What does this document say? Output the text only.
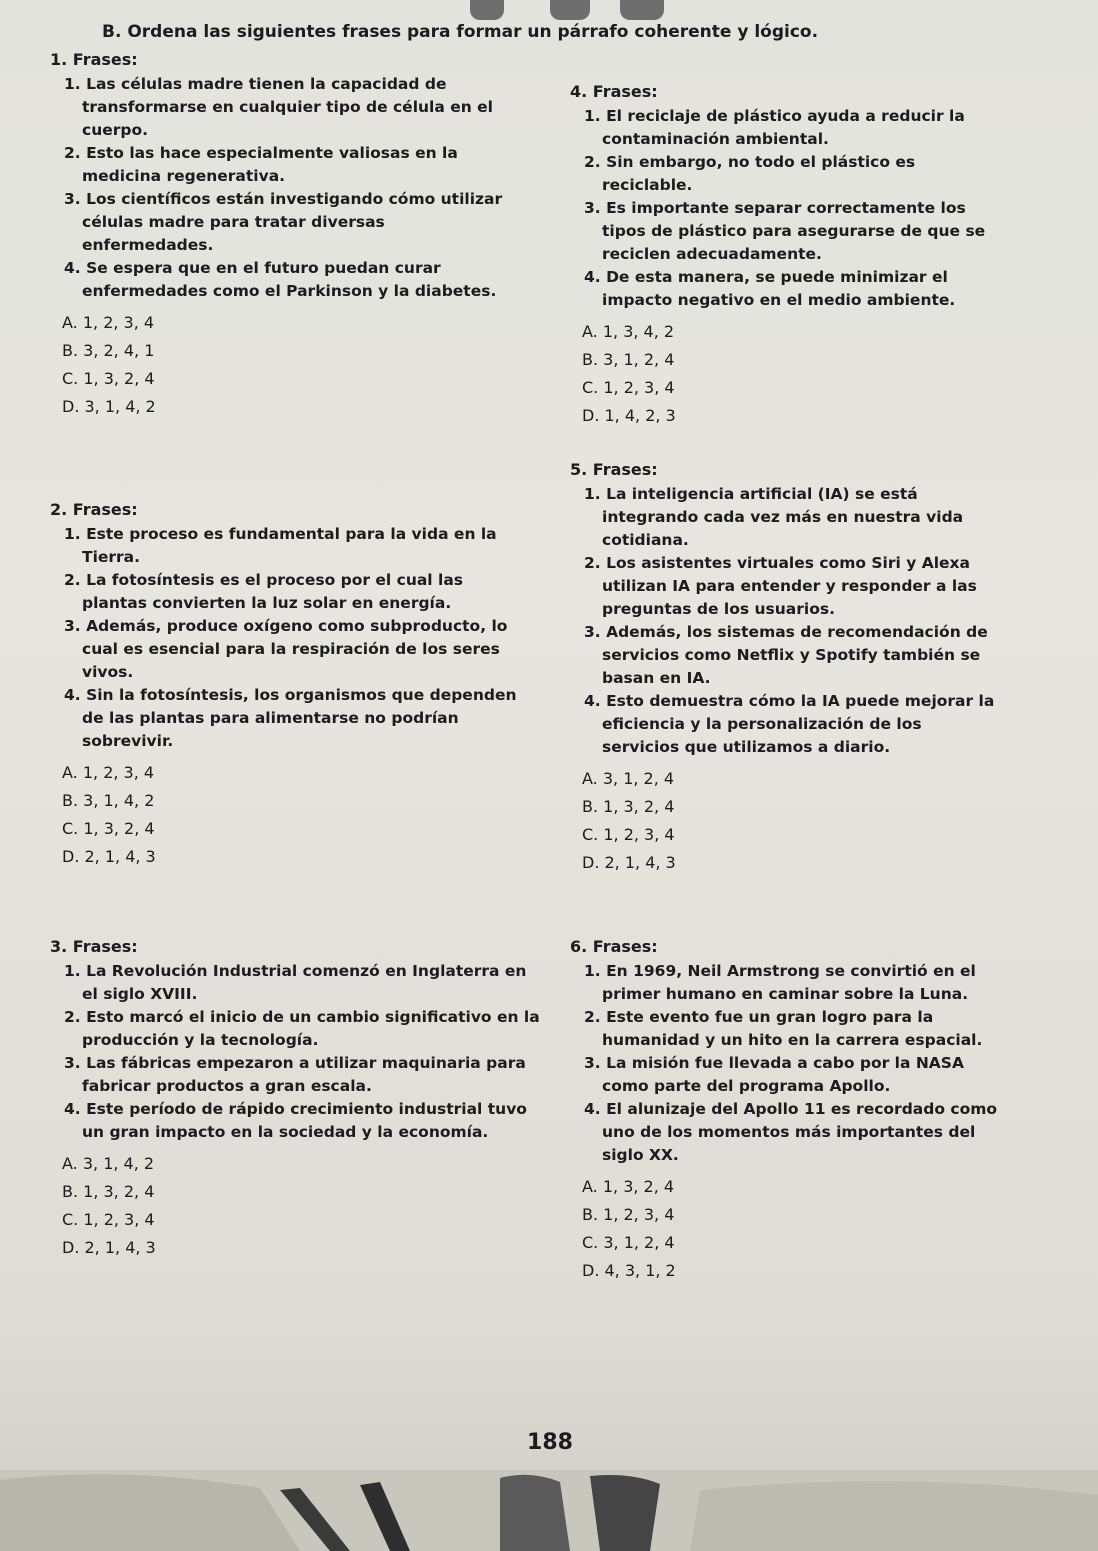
B. Ordena las siguientes frases para formar un párrafo coherente y lógico.
1. Frases:
1. Las células madre tienen la capacidad de transformarse en cualquier tipo de célula en el cuerpo.
2. Esto las hace especialmente valiosas en la medicina regenerativa.
3. Los científicos están investigando cómo utilizar células madre para tratar diversas enfermedades.
4. Se espera que en el futuro puedan curar enfermedades como el Parkinson y la diabetes.
A. 1, 2, 3, 4
B. 3, 2, 4, 1
C. 1, 3, 2, 4
D. 3, 1, 4, 2
2. Frases:
1. Este proceso es fundamental para la vida en la Tierra.
2. La fotosíntesis es el proceso por el cual las plantas convierten la luz solar en energía.
3. Además, produce oxígeno como subproducto, lo cual es esencial para la respiración de los seres vivos.
4. Sin la fotosíntesis, los organismos que dependen de las plantas para alimentarse no podrían sobrevivir.
A. 1, 2, 3, 4
B. 3, 1, 4, 2
C. 1, 3, 2, 4
D. 2, 1, 4, 3
3. Frases:
1. La Revolución Industrial comenzó en Inglaterra en el siglo XVIII.
2. Esto marcó el inicio de un cambio significativo en la producción y la tecnología.
3. Las fábricas empezaron a utilizar maquinaria para fabricar productos a gran escala.
4. Este período de rápido crecimiento industrial tuvo un gran impacto en la sociedad y la economía.
A. 3, 1, 4, 2
B. 1, 3, 2, 4
C. 1, 2, 3, 4
D. 2, 1, 4, 3
4. Frases:
1. El reciclaje de plástico ayuda a reducir la contaminación ambiental.
2. Sin embargo, no todo el plástico es reciclable.
3. Es importante separar correctamente los tipos de plástico para asegurarse de que se reciclen adecuadamente.
4. De esta manera, se puede minimizar el impacto negativo en el medio ambiente.
A. 1, 3, 4, 2
B. 3, 1, 2, 4
C. 1, 2, 3, 4
D. 1, 4, 2, 3
5. Frases:
1. La inteligencia artificial (IA) se está integrando cada vez más en nuestra vida cotidiana.
2. Los asistentes virtuales como Siri y Alexa utilizan IA para entender y responder a las preguntas de los usuarios.
3. Además, los sistemas de recomendación de servicios como Netflix y Spotify también se basan en IA.
4. Esto demuestra cómo la IA puede mejorar la eficiencia y la personalización de los servicios que utilizamos a diario.
A. 3, 1, 2, 4
B. 1, 3, 2, 4
C. 1, 2, 3, 4
D. 2, 1, 4, 3
6. Frases:
1. En 1969, Neil Armstrong se convirtió en el primer humano en caminar sobre la Luna.
2. Este evento fue un gran logro para la humanidad y un hito en la carrera espacial.
3. La misión fue llevada a cabo por la NASA como parte del programa Apollo.
4. El alunizaje del Apollo 11 es recordado como uno de los momentos más importantes del siglo XX.
A. 1, 3, 2, 4
B. 1, 2, 3, 4
C. 3, 1, 2, 4
D. 4, 3, 1, 2
188
